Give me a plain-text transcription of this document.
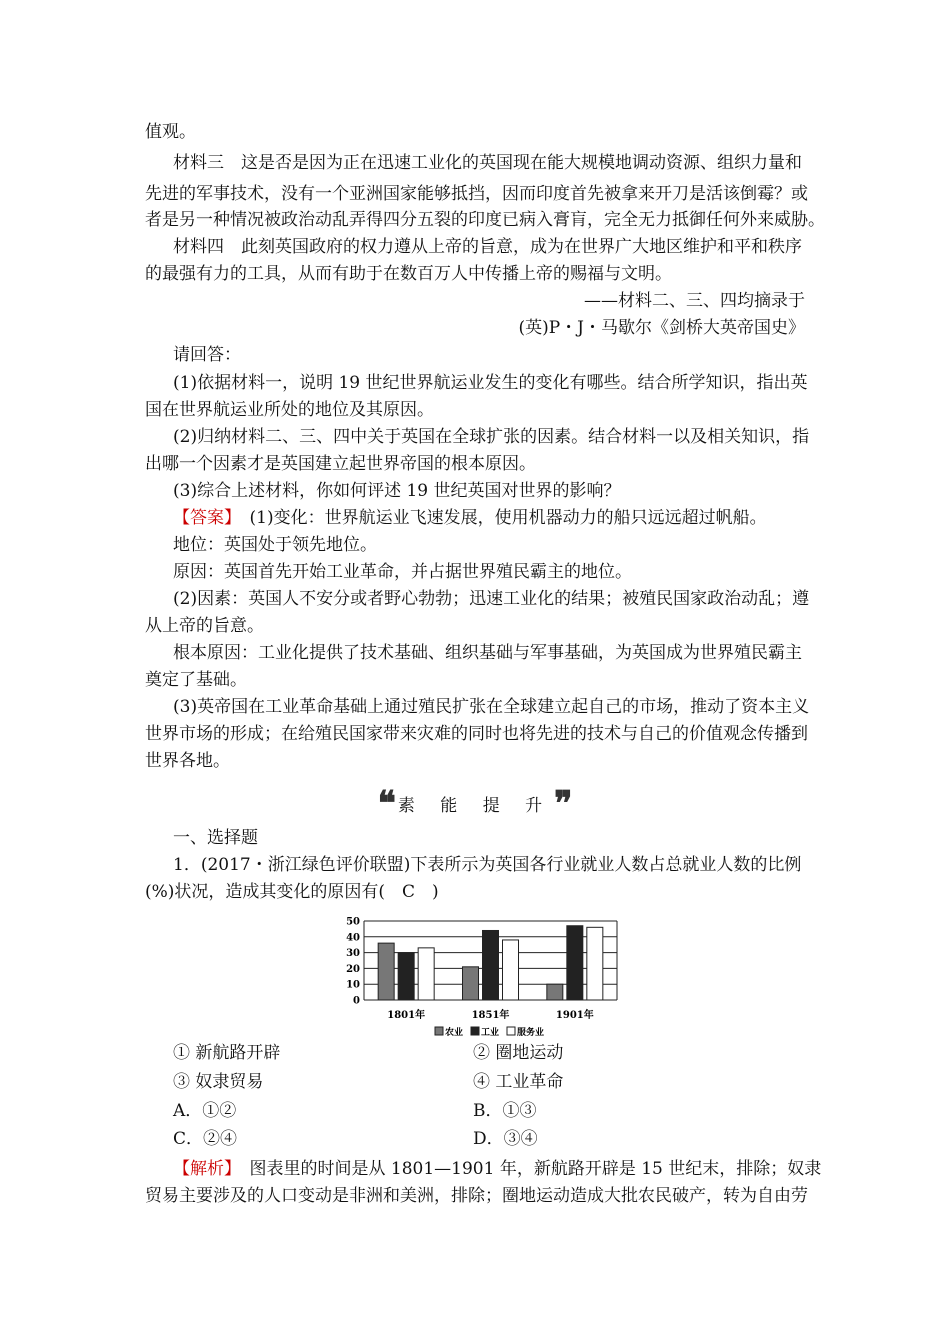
值观。
材料三　这是否是因为正在迅速工业化的英国现在能大规模地调动资源、组织力量和
先进的军事技术，没有一个亚洲国家能够抵挡，因而印度首先被拿来开刀是活该倒霉？或
者是另一种情况被政治动乱弄得四分五裂的印度已病入膏肓，完全无力抵御任何外来威胁。
材料四　此刻英国政府的权力遵从上帝的旨意，成为在世界广大地区维护和平和秩序
的最强有力的工具，从而有助于在数百万人中传播上帝的赐福与文明。
——材料二、三、四均摘录于
(英)P・J・马歇尔《剑桥大英帝国史》
请回答：
(1)依据材料一，说明 19 世纪世界航运业发生的变化有哪些。结合所学知识，指出英
国在世界航运业所处的地位及其原因。
(2)归纳材料二、三、四中关于英国在全球扩张的因素。结合材料一以及相关知识，指
出哪一个因素才是英国建立起世界帝国的根本原因。
(3)综合上述材料，你如何评述 19 世纪英国对世界的影响？
【答案】　(1)变化：世界航运业飞速发展，使用机器动力的船只远远超过帆船。
地位：英国处于领先地位。
原因：英国首先开始工业革命，并占据世界殖民霸主的地位。
(2)因素：英国人不安分或者野心勃勃；迅速工业化的结果；被殖民国家政治动乱；遵
从上帝的旨意。
根本原因：工业化提供了技术基础、组织基础与军事基础，为英国成为世界殖民霸主
奠定了基础。
(3)英帝国在工业革命基础上通过殖民扩张在全球建立起自己的市场，推动了资本主义
世界市场的形成；在给殖民国家带来灾难的同时也将先进的技术与自己的价值观念传播到
世界各地。
❝ 素 能 提 升❞
一、选择题
1．(2017・浙江绿色评价联盟)下表所示为英国各行业就业人数占总就业人数的比例
(%)状况，造成其变化的原因有(　C　)
0
10
20
30
40
50
1801年	1851年	1901年
农业 工业 服务业
① 新航路开辟	② 圈地运动
③ 奴隶贸易	④ 工业革命
A．①②	B．①③
C．②④	D．③④
【解析】　图表里的时间是从 1801—1901 年，新航路开辟是 15 世纪末，排除；奴隶
贸易主要涉及的人口变动是非洲和美洲，排除；圈地运动造成大批农民破产，转为自由劳
